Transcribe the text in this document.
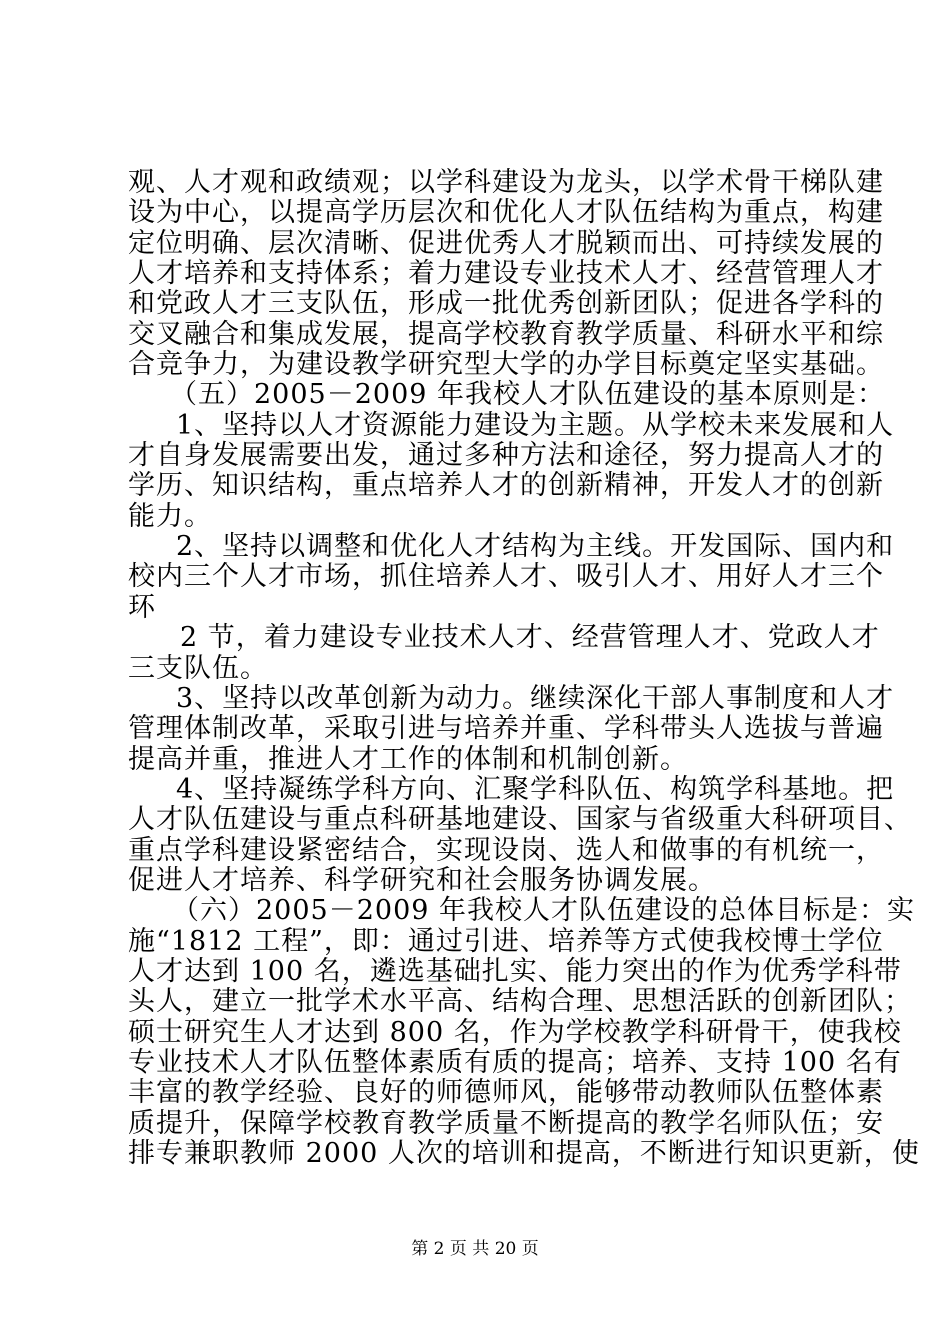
观、人才观和政绩观；以学科建设为龙头，以学术骨干梯队建
设为中心，以提高学历层次和优化人才队伍结构为重点，构建
定位明确、层次清晰、促进优秀人才脱颖而出、可持续发展的
人才培养和支持体系；着力建设专业技术人才、经营管理人才
和党政人才三支队伍，形成一批优秀创新团队；促进各学科的
交叉融合和集成发展，提高学校教育教学质量、科研水平和综
合竞争力，为建设教学研究型大学的办学目标奠定坚实基础。
（五）2005－2009 年我校人才队伍建设的基本原则是：
1、坚持以人才资源能力建设为主题。从学校未来发展和人
才自身发展需要出发，通过多种方法和途径，努力提高人才的
学历、知识结构，重点培养人才的创新精神，开发人才的创新
能力。
2、坚持以调整和优化人才结构为主线。开发国际、国内和
校内三个人才市场，抓住培养人才、吸引人才、用好人才三个
环
2 节，着力建设专业技术人才、经营管理人才、党政人才
三支队伍。
3、坚持以改革创新为动力。继续深化干部人事制度和人才
管理体制改革，采取引进与培养并重、学科带头人选拔与普遍
提高并重，推进人才工作的体制和机制创新。
4、坚持凝练学科方向、汇聚学科队伍、构筑学科基地。把
人才队伍建设与重点科研基地建设、国家与省级重大科研项目、
重点学科建设紧密结合，实现设岗、选人和做事的有机统一，
促进人才培养、科学研究和社会服务协调发展。
（六）2005－2009 年我校人才队伍建设的总体目标是：实
施“1812 工程”，即：通过引进、培养等方式使我校博士学位
人才达到 100 名，遴选基础扎实、能力突出的作为优秀学科带
头人，建立一批学术水平高、结构合理、思想活跃的创新团队；
硕士研究生人才达到 800 名，作为学校教学科研骨干，使我校
专业技术人才队伍整体素质有质的提高；培养、支持 100 名有
丰富的教学经验、良好的师德师风，能够带动教师队伍整体素
质提升，保障学校教育教学质量不断提高的教学名师队伍；安
排专兼职教师 2000 人次的培训和提高，不断进行知识更新，使
第 2 页 共 20 页
